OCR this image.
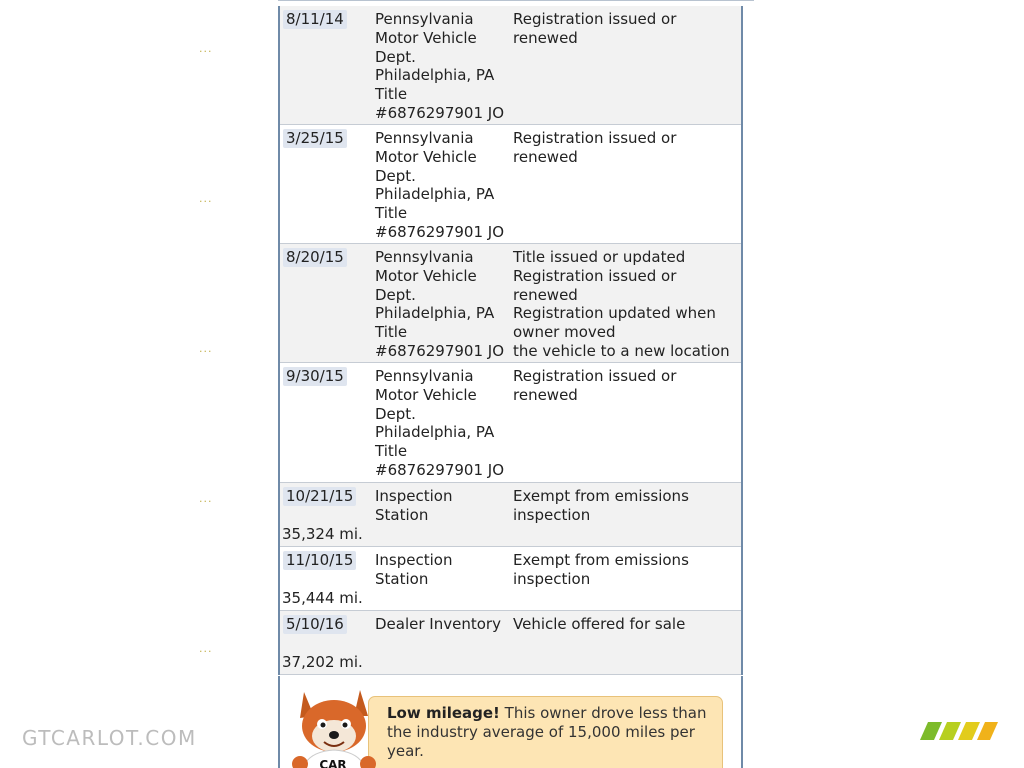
8/11/14 Pennsylvania
Motor Vehicle
Dept.
Philadelphia, PA
Title
#6876297901 JO
Registration issued or renewed
3/25/15 Pennsylvania
Motor Vehicle
Dept.
Philadelphia, PA
Title
#6876297901 JO
Registration issued or renewed
8/20/15 Pennsylvania
Motor Vehicle
Dept.
Philadelphia, PA
Title
#6876297901 JO
Title issued or updated
Registration issued or renewed
Registration updated when
owner moved
the vehicle to a new location
9/30/15 Pennsylvania
Motor Vehicle
Dept.
Philadelphia, PA
Title
#6876297901 JO
Registration issued or renewed
10/21/15 Inspection Station
Exempt from emissions
inspection
35,324 mi.
11/10/15 Inspection Station
Exempt from emissions
inspection
35,444 mi.
5/10/16 Dealer Inventory Vehicle offered for sale
37,202 mi.
...
...
...
...
...
Low mileage! This owner drove less than the industry average of 15,000 miles per year.
CAR
GTCARLOT.COM
